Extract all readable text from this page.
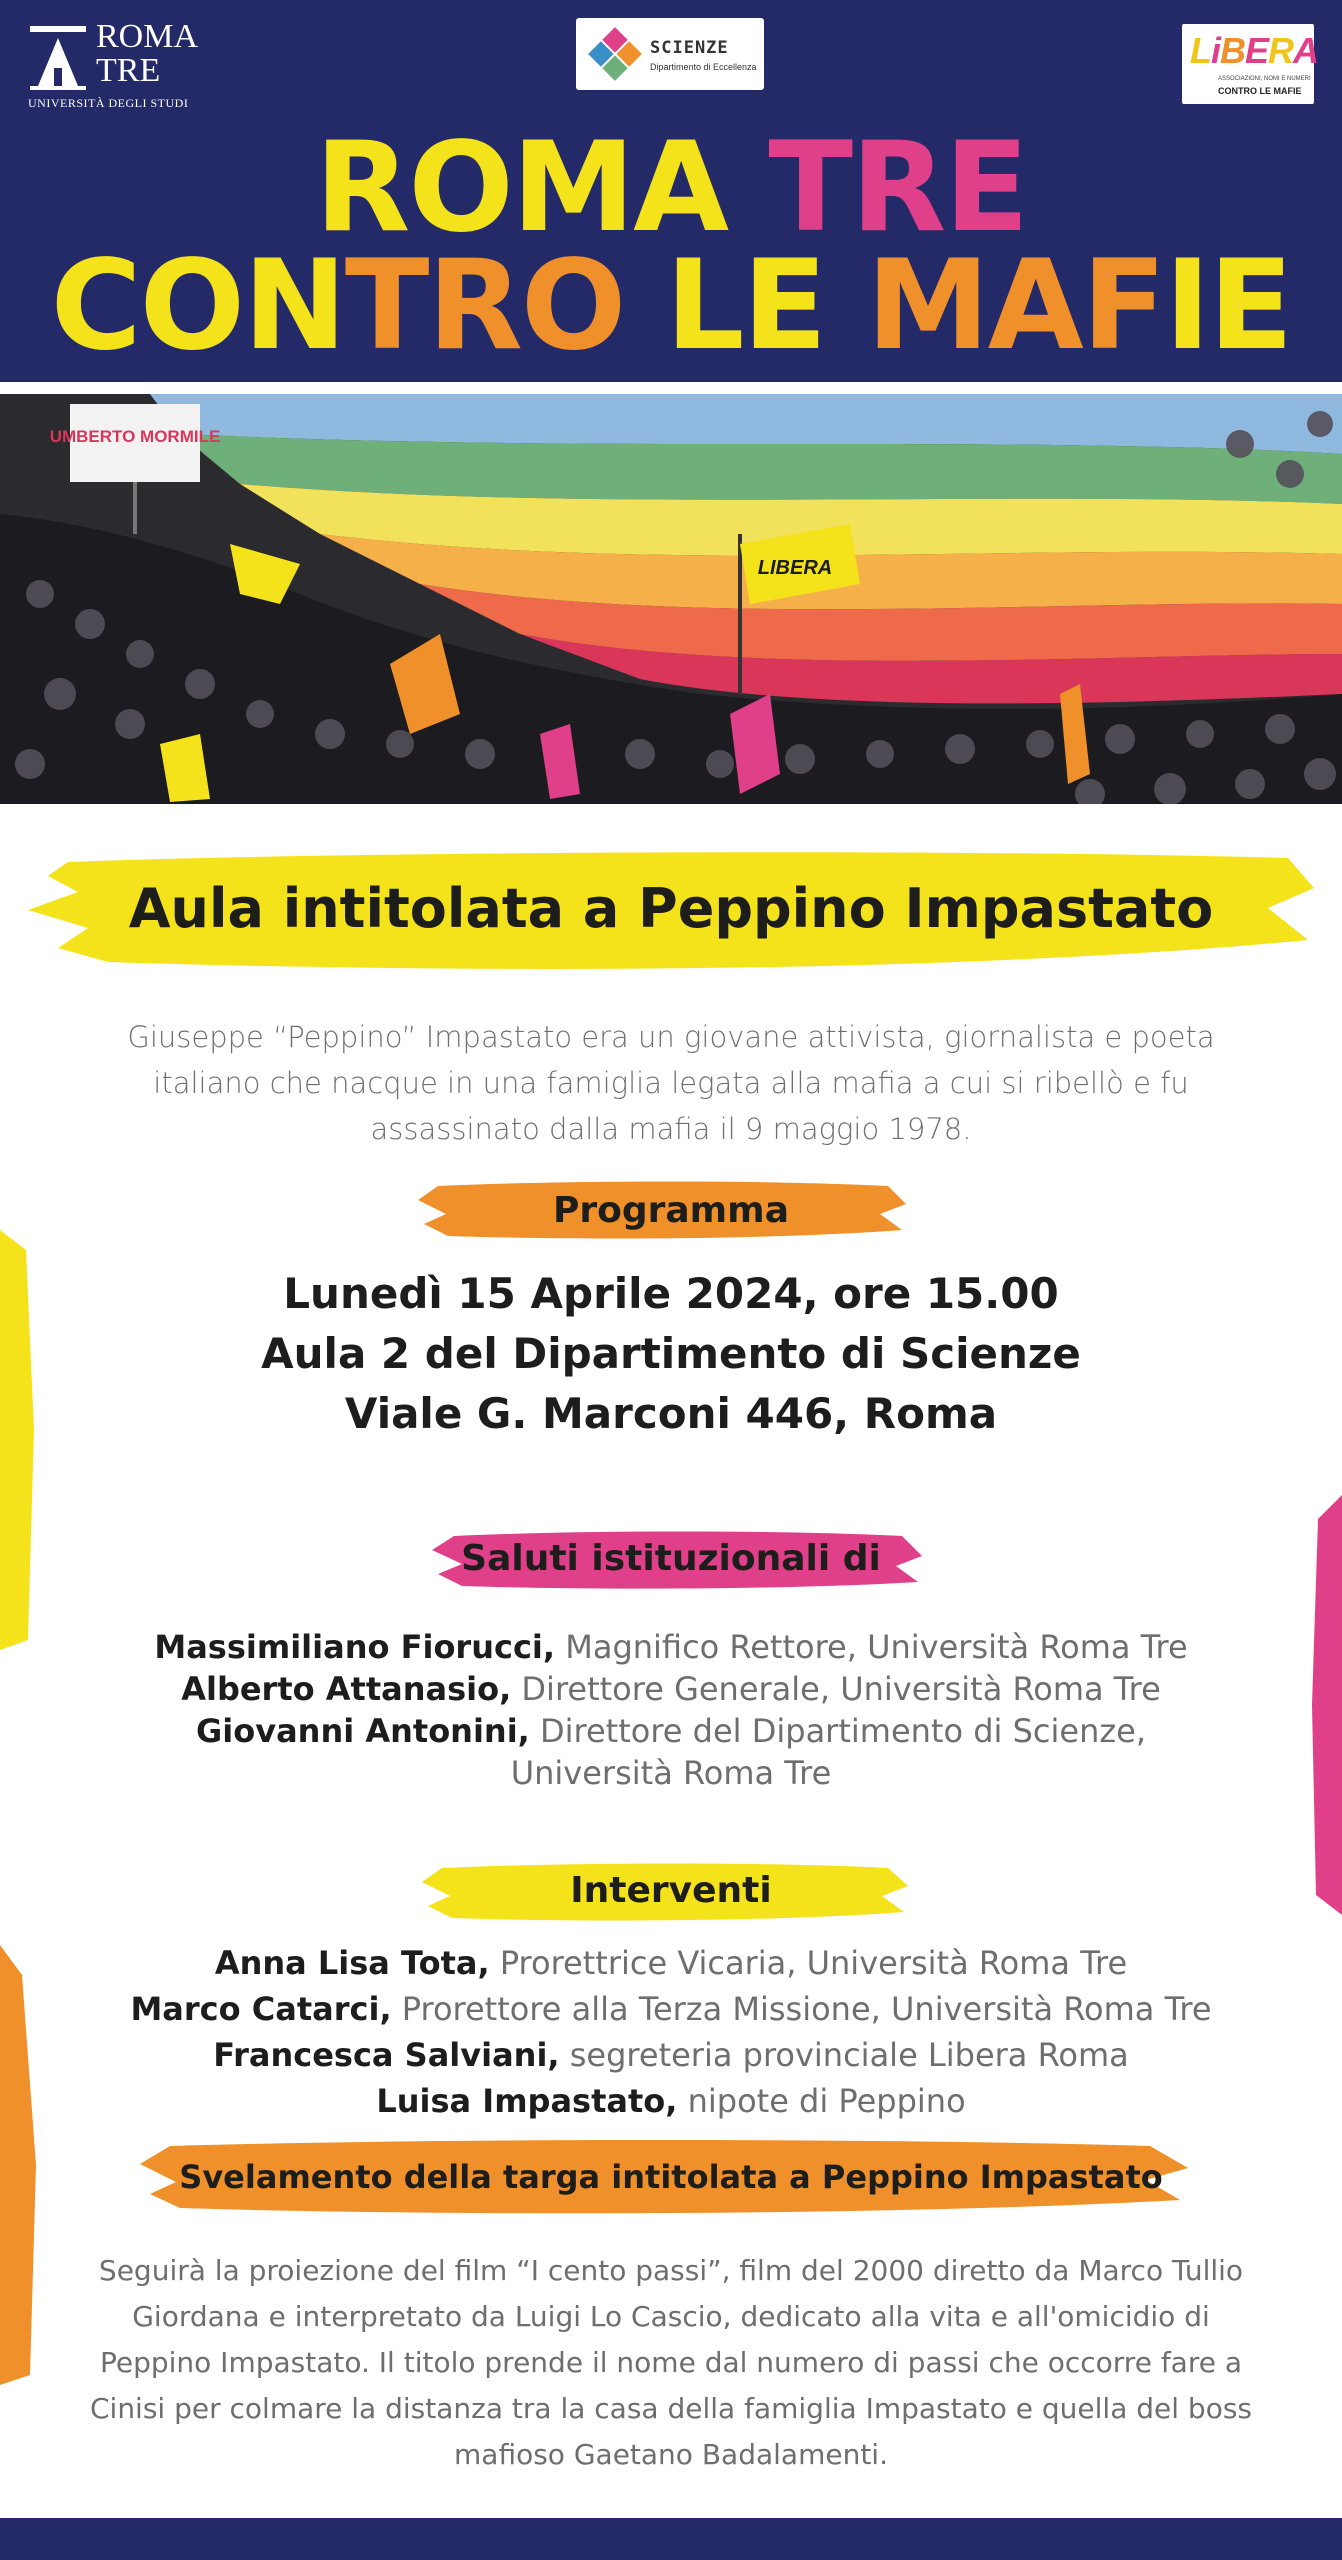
ROMA
TRE
UNIVERSITÀ DEGLI STUDI
SCIENZE
Dipartimento di Eccellenza	LiBERA
ASSOCIAZIONI, NOMI E NUMERI
CONTRO LE MAFIE
ROMA TRE
CONTRO LE MAFIE
UMBERTO MORMILE
LIBERA
Aula intitolata a Peppino Impastato
Giuseppe “Peppino” Impastato era un giovane attivista, giornalista e poeta italiano che nacque in una famiglia legata alla mafia a cui si ribellò e fu assassinato dalla mafia il 9 maggio 1978.
Programma
Lunedì 15 Aprile 2024, ore 15.00
Aula 2 del Dipartimento di Scienze
Viale G. Marconi 446, Roma
Saluti istituzionali di
Massimiliano Fiorucci, Magnifico Rettore, Università Roma Tre
Alberto Attanasio, Direttore Generale, Università Roma Tre
Giovanni Antonini, Direttore del Dipartimento di Scienze,
Università Roma Tre
Interventi
Anna Lisa Tota, Prorettrice Vicaria, Università Roma Tre
Marco Catarci, Prorettore alla Terza Missione, Università Roma Tre
Francesca Salviani, segreteria provinciale Libera Roma
Luisa Impastato, nipote di Peppino
Svelamento della targa intitolata a Peppino Impastato
Seguirà la proiezione del film “I cento passi”, film del 2000 diretto da Marco Tullio Giordana e interpretato da Luigi Lo Cascio, dedicato alla vita e all'omicidio di Peppino Impastato. Il titolo prende il nome dal numero di passi che occorre fare a Cinisi per colmare la distanza tra la casa della famiglia Impastato e quella del boss mafioso Gaetano Badalamenti.
